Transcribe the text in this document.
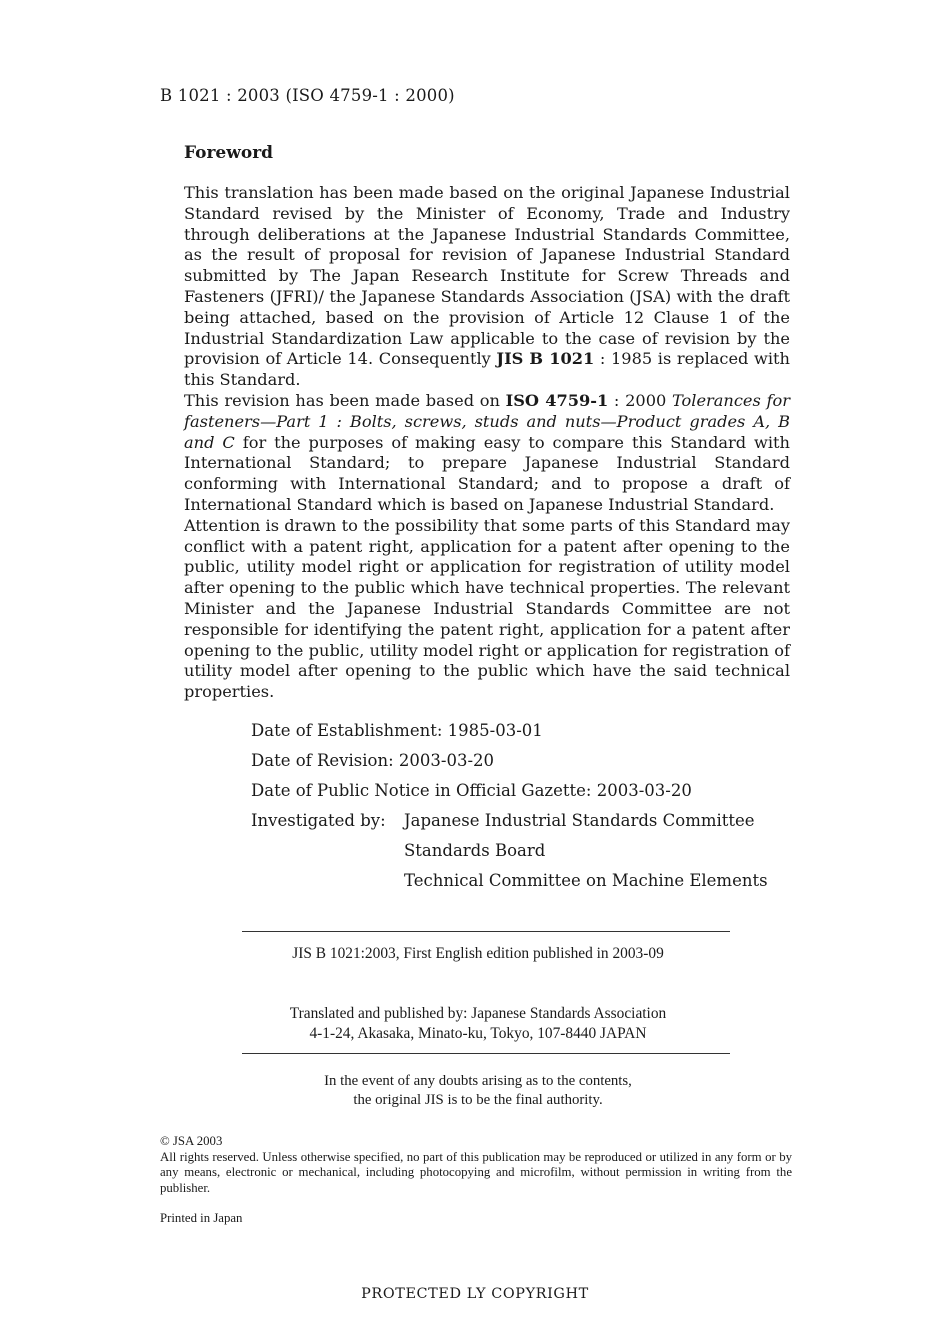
B 1021 : 2003 (ISO 4759-1 : 2000)
Foreword

This translation has been made based on the original Japanese Industrial Standard revised by the Minister of Economy, Trade and Industry through deliberations at the Japanese Industrial Standards Committee, as the result of proposal for revision of Japanese Industrial Standard submitted by The Japan Research Institute for Screw Threads and Fasteners (JFRI)/ the Japanese Standards Association (JSA) with the draft being attached, based on the provision of Article 12 Clause 1 of the Industrial Standardization Law applicable to the case of revision by the provision of Article 14. Consequently JIS B 1021 : 1985 is replaced with this Standard.

This revision has been made based on ISO 4759-1 : 2000 Tolerances for fasteners—Part 1 : Bolts, screws, studs and nuts—Product grades A, B and C for the purposes of making easy to compare this Standard with International Standard; to prepare Japanese Industrial Standard conforming with International Standard; and to propose a draft of International Standard which is based on Japanese Industrial Standard.

Attention is drawn to the possibility that some parts of this Standard may conflict with a patent right, application for a patent after opening to the public, utility model right or application for registration of utility model after opening to the public which have technical properties. The relevant Minister and the Japanese Industrial Standards Committee are not responsible for identifying the patent right, application for a patent after opening to the public, utility model right or application for registration of utility model after opening to the public which have the said technical properties.

Date of Establishment: 1985-03-01
Date of Revision: 2003-03-20
Date of Public Notice in Official Gazette: 2003-03-20
Investigated by: Japanese Industrial Standards Committee
Standards Board
Technical Committee on Machine Elements
JIS B 1021:2003, First English edition published in 2003-09
Translated and published by: Japanese Standards Association
4-1-24, Akasaka, Minato-ku, Tokyo, 107-8440 JAPAN
In the event of any doubts arising as to the contents,
the original JIS is to be the final authority.
© JSA 2003
All rights reserved. Unless otherwise specified, no part of this publication may be reproduced or utilized in any form or by any means, electronic or mechanical, including photocopying and microfilm, without permission in writing from the publisher.
Printed in Japan
PROTECTED LY COPYRIGHT
